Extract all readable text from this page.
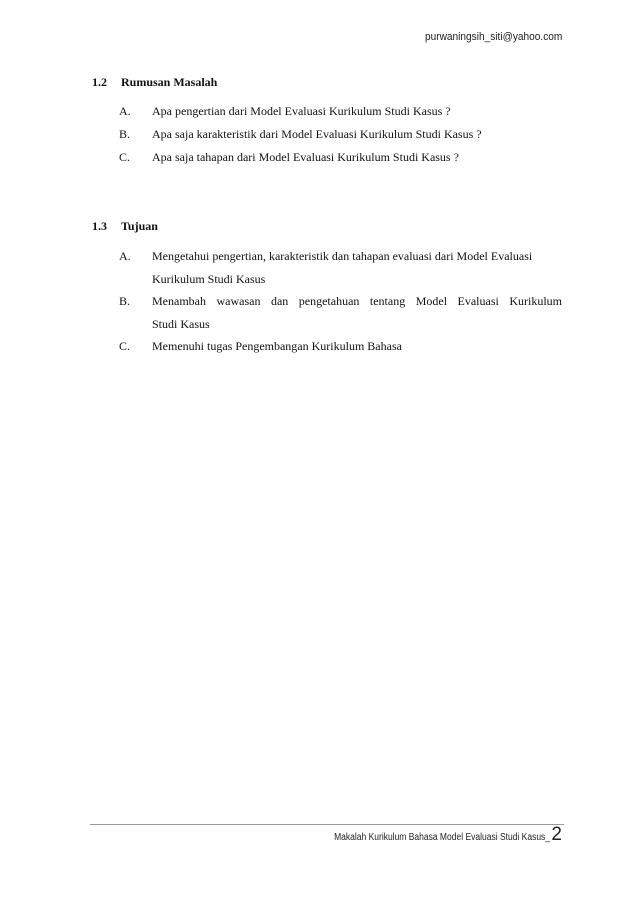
purwaningsih_siti@yahoo.com
1.2	Rumusan Masalah
A.	Apa pengertian dari Model Evaluasi Kurikulum Studi Kasus ?
B.	Apa saja karakteristik dari Model Evaluasi Kurikulum Studi Kasus ?
C.	Apa saja tahapan dari Model Evaluasi Kurikulum Studi Kasus ?
1.3	Tujuan
A.	Mengetahui pengertian, karakteristik dan tahapan evaluasi dari Model Evaluasi
Kurikulum Studi Kasus
B.	Menambah wawasan dan pengetahuan tentang Model Evaluasi Kurikulum
Studi Kasus
C.	Memenuhi tugas Pengembangan Kurikulum Bahasa
Makalah Kurikulum Bahasa Model Evaluasi Studi Kasus_ 2
